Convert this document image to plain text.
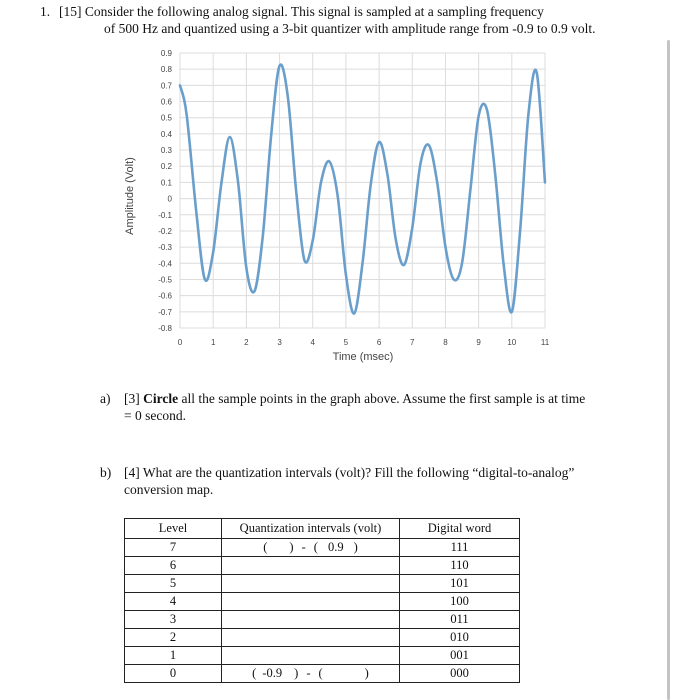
1. [15] Consider the following analog signal. This signal is sampled at a sampling frequency
of 500 Hz and quantized using a 3-bit quantizer with amplitude range from -0.9 to 0.9 volt.
0.9
0.8
0.7
0.6
0.5
0.4
0.3
0.2
0.1
0
-0.1
-0.2
-0.3
-0.4
-0.5
-0.6
-0.7
-0.8
0	1	2	3	4	5	6	7	8	9	10	11
Amplitude (Volt)
Time (msec)
a) [3] Circle all the sample points in the graph above. Assume the first sample is at time
= 0 second.
b) [4] What are the quantization intervals (volt)? Fill the following “digital-to-analog”
conversion map.
Level	Quantization intervals (volt)	Digital word
7	( ) - ( 0.9 )	111
6		110
5		101
4		100
3		011
2		010
1		001
0	( -0.9 ) - ( )	000
